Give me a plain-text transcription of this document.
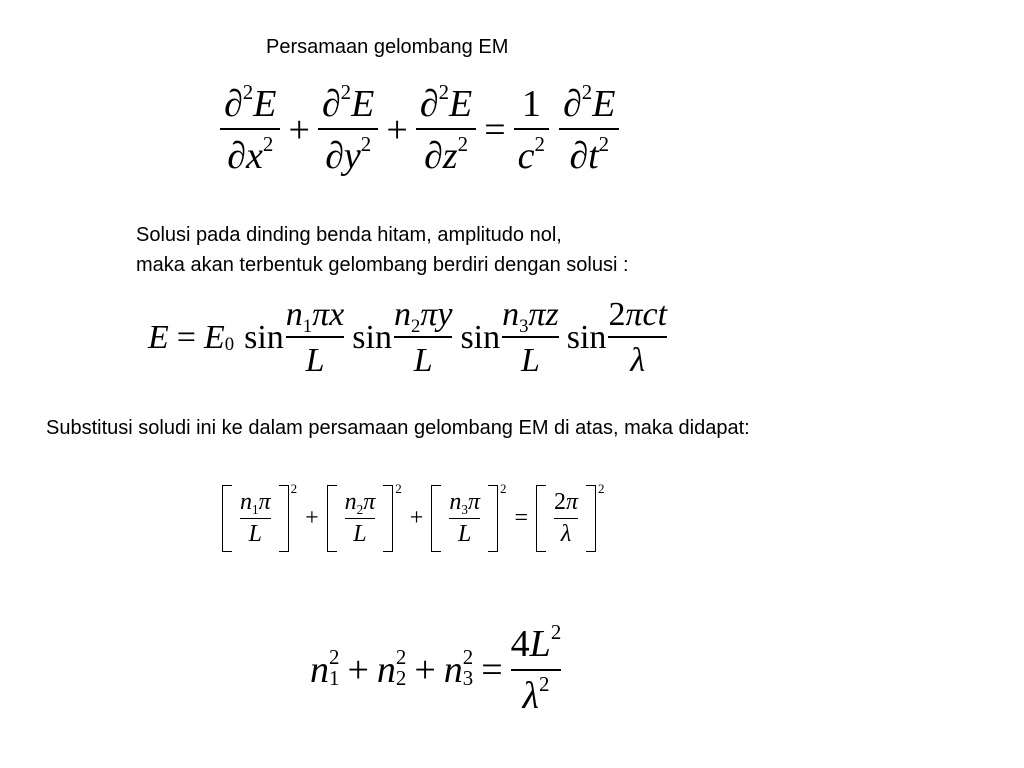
Persamaan gelombang EM
$\frac{\partial 2 E}{\partial x 2} + \frac{\partial 2 E}{\partial y 2} + \frac{\partial 2 E}{\partial z 2} = \frac{1}{c 2} \frac{\partial 2 E}{\partial t 2}$
Solusi pada dinding benda hitam, amplitudo nol,
maka akan terbentuk gelombang berdiri dengan solusi :
E = E 0 $\sin \frac{\text{n 1 π x}}{L}$ $\sin \frac{\text{n 2 π y}}{L}$ $\sin \frac{\text{n 3 π z}}{L}$ $\sin \frac{\text{2 π c t}}{\lambda}$
Substitusi soludi ini ke dalam persamaan gelombang EM di atas, maka didapat:
$\frac{n 1 \pi}{L}$
2
+	$\frac{n 2 \pi}{L}$
2
+	$\frac{n 3 \pi}{L}$
2
=	$\frac{2 \pi}{\lambda}$
2
n 2
1 + n 2
2 + n 2
$3 = \frac{4 L 2}{\lambda 2}$
